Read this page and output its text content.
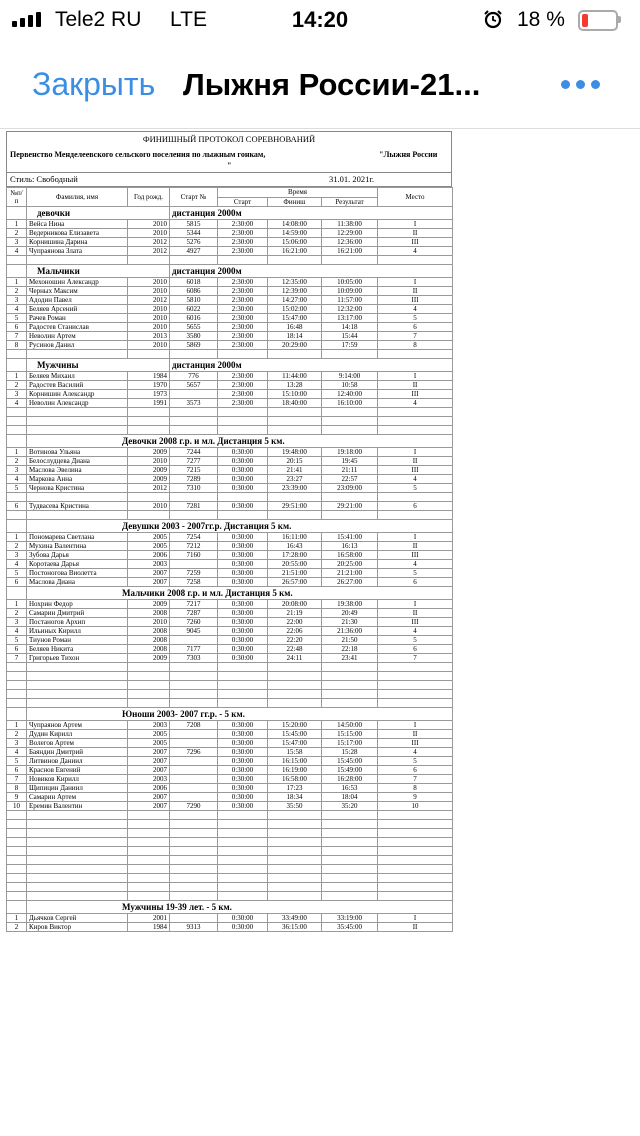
Tele2 RU LTE	14:20	18 %
Закрыть Лыжня России-21...
ФИНИШНЫЙ ПРОТОКОЛ СОРЕВНОВАНИЙ
Первенство Менделеевского сельского поселения по лыжным гонкам,	"Лыжня России
"
Стиль: Свободный	31.01. 2021г.
№п/п	Фамилия, имя	Год рожд.	Старт №	Время			Место
				Старт	Финиш	Результат	
	девочки		дистанция 2000м				
1	Вейса Нина	2010	5815	2:30:00	14:08:00	11:38:00	I
2	Ведерникова Елизавета	2010	5344	2:30:00	14:59:00	12:29:00	II
3	Корнишина Дарина	2012	5276	2:30:00	15:06:00	12:36:00	III
4	Чупраянова Злата	2012	4927	2:30:00	16:21:00	16:21:00	4

	Мальчики		дистанция 2000м				
1	Мехоношин Александр	2010	6018	2:30:00	12:35:00	10:05:00	I
2	Черных Максим	2010	6086	2:30:00	12:39:00	10:09:00	II
3	Адодин Павел	2012	5810	2:30:00	14:27:00	11:57:00	III
4	Беляев Арсений	2010	6022	2:30:00	15:02:00	12:32:00	4
5	Рачев Роман	2010	6016	2:30:00	15:47:00	13:17:00	5
6	Радостев Станислав	2010	5655	2:30:00	16:48	14:18	6
7	Неволин Артем	2013	3580	2:30:00	18:14	15:44	7
8	Русинов Данил	2010	5869	2:30:00	20:29:00	17:59	8

	Мужчины		дистанция 2000м				
1	Беляев Михаил	1984	776	2:30:00	11:44:00	9:14:00	I
2	Радостев Василий	1970	5657	2:30:00	13:28	10:58	II
3	Корнишин Александр	1973		2:30:00	15:10:00	12:40:00	III
4	Неволин Александр	1991	3573	2:30:00	18:40:00	16:10:00	4

	Девочки 2008 г.р. и мл. Дистанция 5 км.						
1	Вотинова Ульяна	2009	7244	0:30:00	19:48:00	19:18:00	I
2	Белослудцева Диана	2010	7277	0:30:00	20:15	19:45	II
3	Маслова Эвелина	2009	7215	0:30:00	21:41	21:11	III
4	Маркова Анна	2009	7289	0:30:00	23:27	22:57	4
5	Чернова Кристина	2012	7310	0:30:00	23:39:00	23:09:00	5

6	Тудвасева Кристина	2010	7281	0:30:00	29:51:00	29:21:00	6

	Девушки 2003 - 2007гг.р. Дистанция 5 км.						
1	Пономарева Светлана	2005	7254	0:30:00	16:11:00	15:41:00	I
2	Мухина Валентина	2005	7212	0:30:00	16:43	16:13	II
3	Зубова Дарья	2006	7160	0:30:00	17:28:00	16:58:00	III
4	Коротаева Дарья	2003		0:30:00	20:55:00	20:25:00	4
5	Постоногова Виолетта	2007	7259	0:30:00	21:51:00	21:21:00	5
6	Маслова Диана	2007	7258	0:30:00	26:57:00	26:27:00	6
	Мальчики 2008 г.р. и мл. Дистанция 5 км.						
1	Нохрин Федор	2009	7217	0:30:00	20:08:00	19:38:00	I
2	Самарин Дмитрий	2008	7287	0:30:00	21:19	20:49	II
3	Постаногов Архип	2010	7260	0:30:00	22:00	21:30	III
4	Ильиных Кирилл	2008	9045	0:30:00	22:06	21:36:00	4
5	Тиунов Роман	2008		0:30:00	22:20	21:50	5
6	Беляев Никита	2008	7177	0:30:00	22:48	22:18	6
7	Григорьев Тихон	2009	7303	0:30:00	24:11	23:41	7

	Юноши 2003- 2007 гг.р. - 5 км.						
1	Чупраянов Артем	2003	7208	0:30:00	15:20:00	14:50:00	I
2	Дудин Кирилл	2005		0:30:00	15:45:00	15:15:00	II
3	Волегов Артем	2005		0:30:00	15:47:00	15:17:00	III
4	Баяндин Дмитрий	2007	7296	0:30:00	15:58	15:28	4
5	Литвинов Даниил	2007		0:30:00	16:15:00	15:45:00	5
6	Краснов Евгений	2007		0:30:00	16:19:00	15:49:00	6
7	Новиков Кирилл	2003		0:30:00	16:58:00	16:28:00	7
8	Щипицин Даниил	2006		0:30:00	17:23	16:53	8
9	Самарин Артем	2007		0:30:00	18:34	18:04	9
10	Еремин Валентин	2007	7290	0:30:00	35:50	35:20	10

	Мужчины 19-39 лет. - 5 км.						
1	Дьячков Сергей	2001		0:30:00	33:49:00	33:19:00	I
2	Киров Виктор	1984	9313	0:30:00	36:15:00	35:45:00	II
